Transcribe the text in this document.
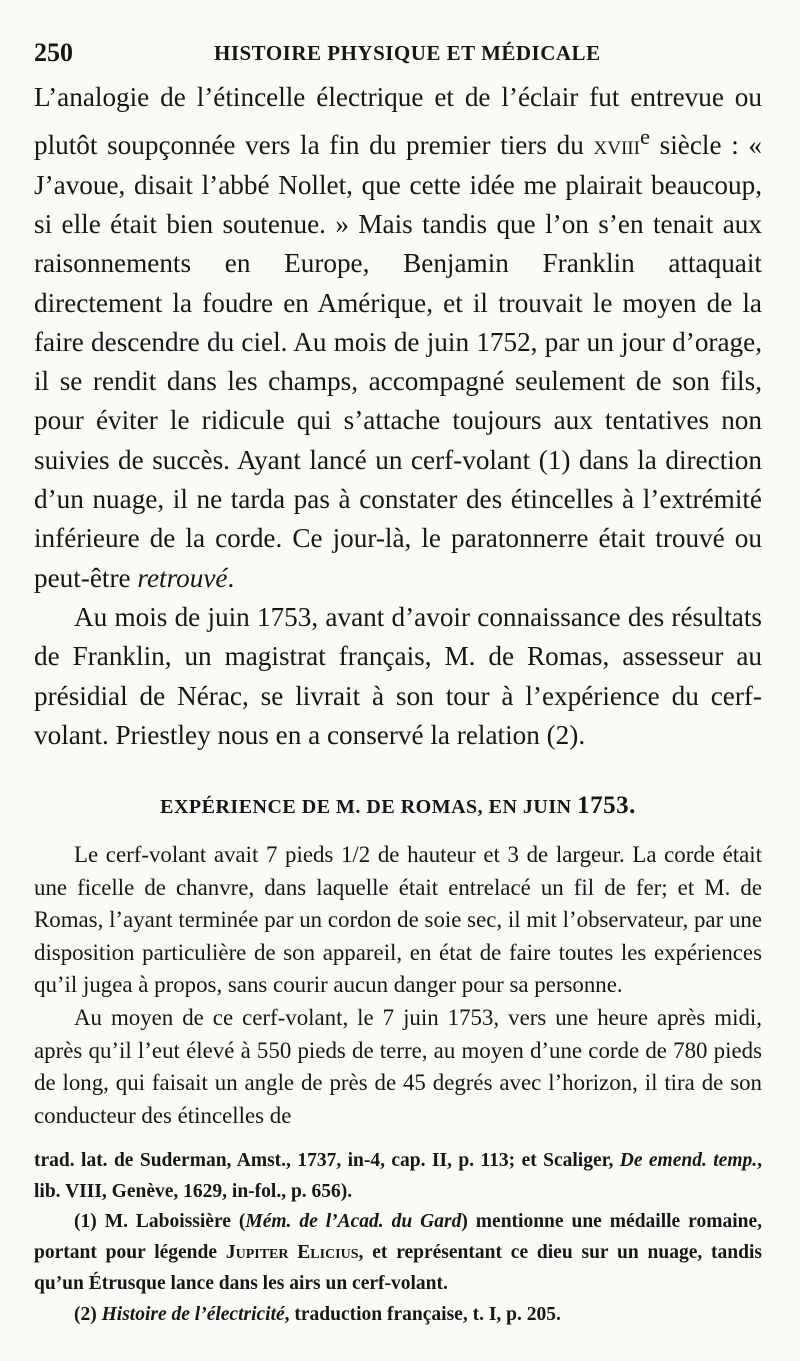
250	HISTOIRE PHYSIQUE ET MÉDICALE

L’analogie de l’étincelle électrique et de l’éclair fut entrevue ou plutôt soupçonnée vers la fin du premier tiers du xviii$^e$ siècle : « J’avoue, disait l’abbé Nollet, que cette idée me plairait beaucoup, si elle était bien soutenue. » Mais tandis que l’on s’en tenait aux raisonnements en Europe, Benjamin Franklin attaquait directement la foudre en Amérique, et il trouvait le moyen de la faire descendre du ciel. Au mois de juin 1752, par un jour d’orage, il se rendit dans les champs, accompagné seulement de son fils, pour éviter le ridicule qui s’attache toujours aux tentatives non suivies de succès. Ayant lancé un cerf-volant (1) dans la direction d’un nuage, il ne tarda pas à constater des étincelles à l’extrémité inférieure de la corde. Ce jour-là, le paratonnerre était trouvé ou peut-être retrouvé.

Au mois de juin 1753, avant d’avoir connaissance des résultats de Franklin, un magistrat français, M. de Romas, assesseur au présidial de Nérac, se livrait à son tour à l’expérience du cerf-volant. Priestley nous en a conservé la relation (2).

EXPÉRIENCE DE M. DE ROMAS, EN JUIN 1753.

Le cerf-volant avait 7 pieds 1/2 de hauteur et 3 de largeur. La corde était une ficelle de chanvre, dans laquelle était entrelacé un fil de fer; et M. de Romas, l’ayant terminée par un cordon de soie sec, il mit l’observateur, par une disposition particulière de son appareil, en état de faire toutes les expériences qu’il jugea à propos, sans courir aucun danger pour sa personne.

Au moyen de ce cerf-volant, le 7 juin 1753, vers une heure après midi, après qu’il l’eut élevé à 550 pieds de terre, au moyen d’une corde de 780 pieds de long, qui faisait un angle de près de 45 degrés avec l’horizon, il tira de son conducteur des étincelles de

trad. lat. de Suderman, Amst., 1737, in-4, cap. II, p. 113; et Scaliger, De emend. temp., lib. VIII, Genève, 1629, in-fol., p. 656).

(1) M. Laboissière (Mém. de l’Acad. du Gard) mentionne une médaille romaine, portant pour légende Jupiter Elicius, et représentant ce dieu sur un nuage, tandis qu’un Étrusque lance dans les airs un cerf-volant.

(2) Histoire de l’électricité, traduction française, t. I, p. 205.
